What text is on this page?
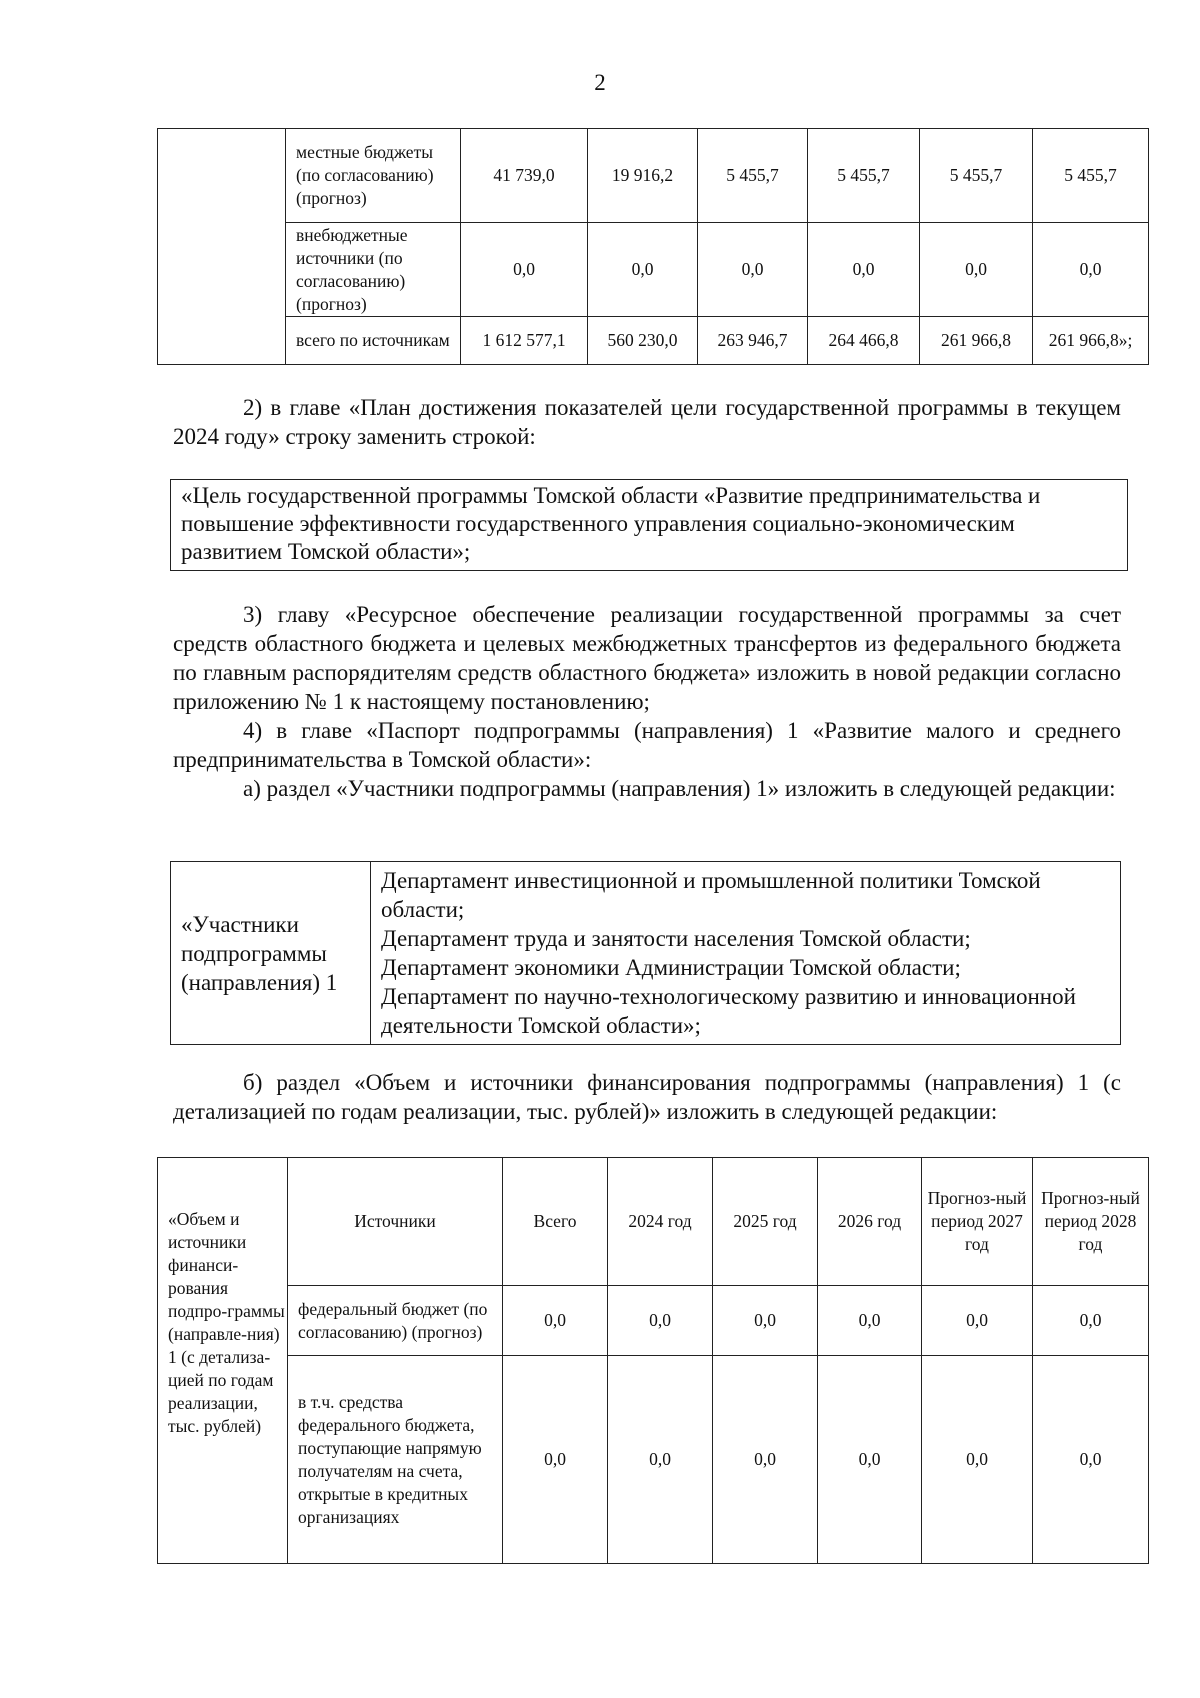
2
	местные бюджеты (по согласованию) (прогноз)	41 739,0	19 916,2	5 455,7	5 455,7	5 455,7	5 455,7
	внебюджетные источники (по согласованию) (прогноз)	0,0	0,0	0,0	0,0	0,0	0,0
	всего по источникам	1 612 577,1	560 230,0	263 946,7	264 466,8	261 966,8	261 966,8»;
2) в главе «План достижения показателей цели государственной программы в текущем 2024 году» строку заменить строкой:
«Цель государственной программы Томской области «Развитие предпринимательства и повышение эффективности государственного управления социально-экономическим развитием Томской области»;
3) главу «Ресурсное обеспечение реализации государственной программы за счет средств областного бюджета и целевых межбюджетных трансфертов из федерального бюджета по главным распорядителям средств областного бюджета» изложить в новой редакции согласно приложению № 1 к настоящему постановлению;
4) в главе «Паспорт подпрограммы (направления) 1 «Развитие малого и среднего предпринимательства в Томской области»:
а) раздел «Участники подпрограммы (направления) 1» изложить в следующей редакции:
«Участники подпрограммы (направления) 1	
Департамент инвестиционной и промышленной политики Томской области;
Департамент труда и занятости населения Томской области;
Департамент экономики Администрации Томской области;
Департамент по научно-технологическому развитию и инновационной деятельности Томской области»;
б) раздел «Объем и источники финансирования подпрограммы (направления) 1 (с детализацией по годам реализации, тыс. рублей)» изложить в следующей редакции:
«Объем и источники финанси-рования подпро-граммы (направле-ния) 1 (с детализа-цией по годам реализации, тыс. рублей)	Источники	Всего	2024 год	2025 год	2026 год	Прогноз-ный период 2027 год	Прогноз-ный период 2028 год
	федеральный бюджет (по согласованию) (прогноз)	0,0	0,0	0,0	0,0	0,0	0,0
	в т.ч. средства федерального бюджета, поступающие напрямую получателям на счета, открытые в кредитных организациях	0,0	0,0	0,0	0,0	0,0	0,0
